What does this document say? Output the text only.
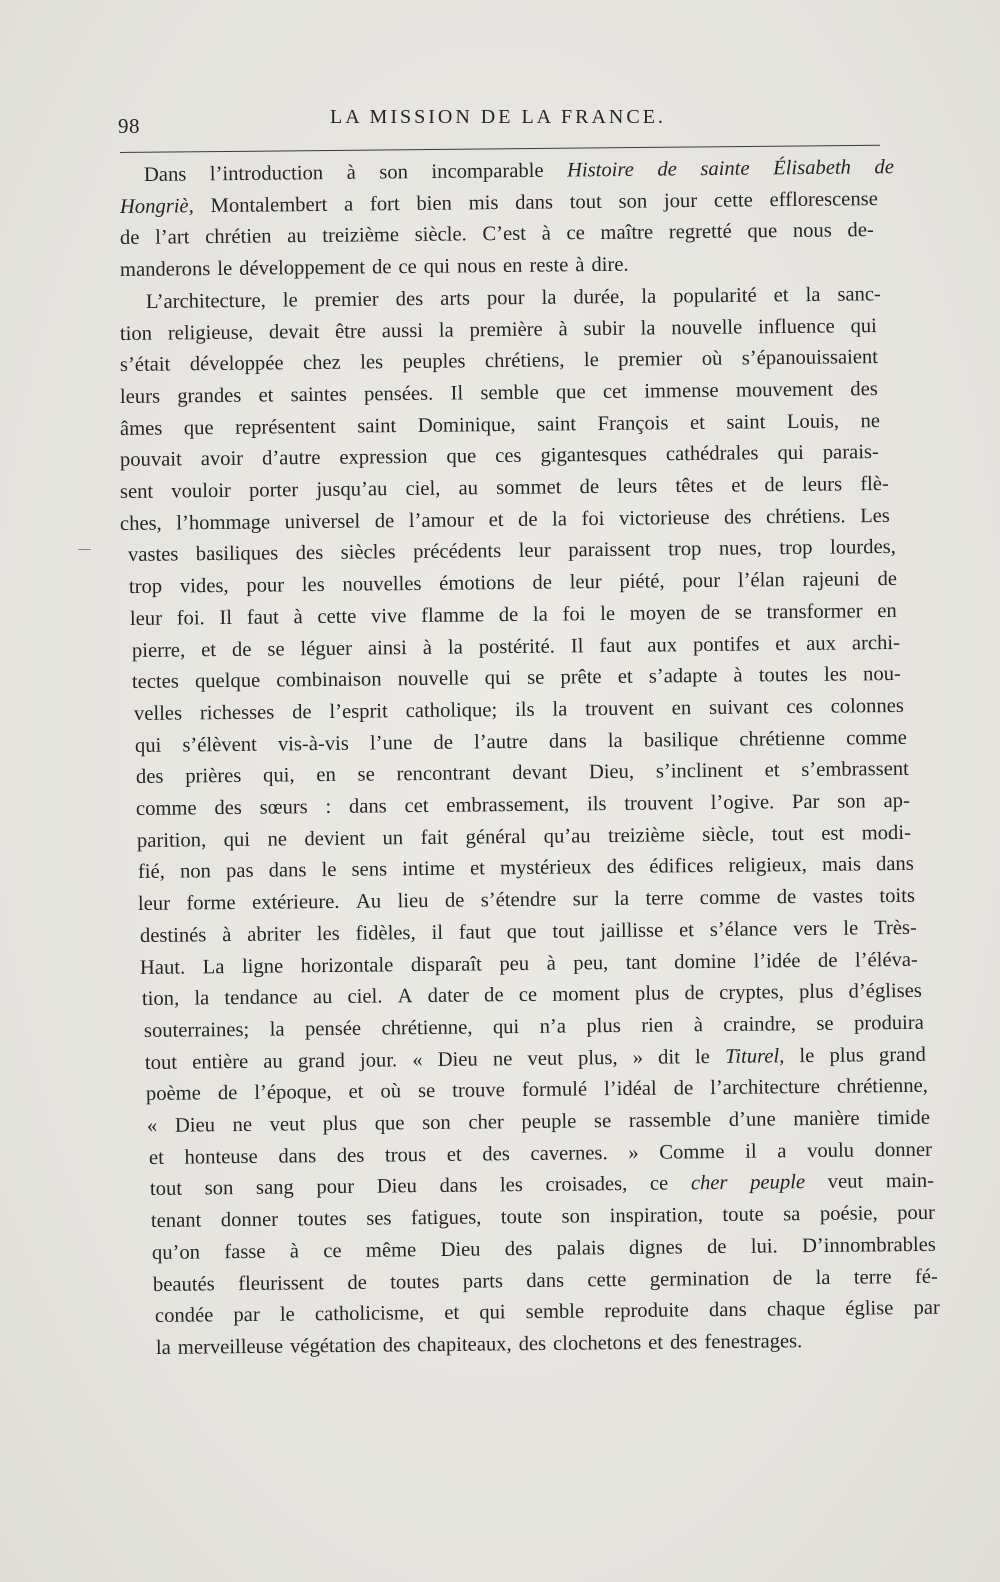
98	LA MISSION DE LA FRANCE.
Dans l’introduction à son incomparable Histoire de sainte Élisabeth de
Hongriè, Montalembert a fort bien mis dans tout son jour cette efflorescense
de l’art chrétien au treizième siècle. C’est à ce maître regretté que nous de-
manderons le développement de ce qui nous en reste à dire.
L’architecture, le premier des arts pour la durée, la popularité et la sanc-
tion religieuse, devait être aussi la première à subir la nouvelle influence qui
s’était développée chez les peuples chrétiens, le premier où s’épanouissaient
leurs grandes et saintes pensées. Il semble que cet immense mouvement des
âmes que représentent saint Dominique, saint François et saint Louis, ne
pouvait avoir d’autre expression que ces gigantesques cathédrales qui parais-
sent vouloir porter jusqu’au ciel, au sommet de leurs têtes et de leurs flè-
ches, l’hommage universel de l’amour et de la foi victorieuse des chrétiens. Les
vastes basiliques des siècles précédents leur paraissent trop nues, trop lourdes,
trop vides, pour les nouvelles émotions de leur piété, pour l’élan rajeuni de
leur foi. Il faut à cette vive flamme de la foi le moyen de se transformer en
pierre, et de se léguer ainsi à la postérité. Il faut aux pontifes et aux archi-
tectes quelque combinaison nouvelle qui se prête et s’adapte à toutes les nou-
velles richesses de l’esprit catholique; ils la trouvent en suivant ces colonnes
qui s’élèvent vis-à-vis l’une de l’autre dans la basilique chrétienne comme
des prières qui, en se rencontrant devant Dieu, s’inclinent et s’embrassent
comme des sœurs : dans cet embrassement, ils trouvent l’ogive. Par son ap-
parition, qui ne devient un fait général qu’au treizième siècle, tout est modi-
fié, non pas dans le sens intime et mystérieux des édifices religieux, mais dans
leur forme extérieure. Au lieu de s’étendre sur la terre comme de vastes toits
destinés à abriter les fidèles, il faut que tout jaillisse et s’élance vers le Très-
Haut. La ligne horizontale disparaît peu à peu, tant domine l’idée de l’éléva-
tion, la tendance au ciel. A dater de ce moment plus de cryptes, plus d’églises
souterraines; la pensée chrétienne, qui n’a plus rien à craindre, se produira
tout entière au grand jour. « Dieu ne veut plus, » dit le Titurel, le plus grand
poème de l’époque, et où se trouve formulé l’idéal de l’architecture chrétienne,
« Dieu ne veut plus que son cher peuple se rassemble d’une manière timide
et honteuse dans des trous et des cavernes. » Comme il a voulu donner
tout son sang pour Dieu dans les croisades, ce cher peuple veut main-
tenant donner toutes ses fatigues, toute son inspiration, toute sa poésie, pour
qu’on fasse à ce même Dieu des palais dignes de lui. D’innombrables
beautés fleurissent de toutes parts dans cette germination de la terre fé-
condée par le catholicisme, et qui semble reproduite dans chaque église par
la merveilleuse végétation des chapiteaux, des clochetons et des fenestrages.
